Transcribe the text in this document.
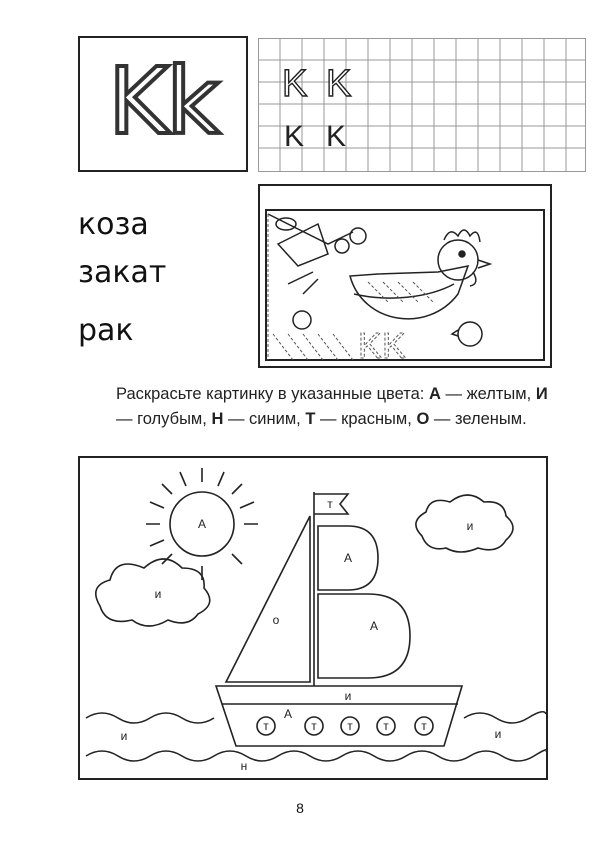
Kk	K K
K K
коза
закат
рак	KK
Раскрасьте картинку в указанные цвета: А — желтым, И — голубым, Н — синим, Т — красным, О — зеленым.
А
и
и
т
А
А
о
и
А
т	т	т	т	т
и	и
н
8
